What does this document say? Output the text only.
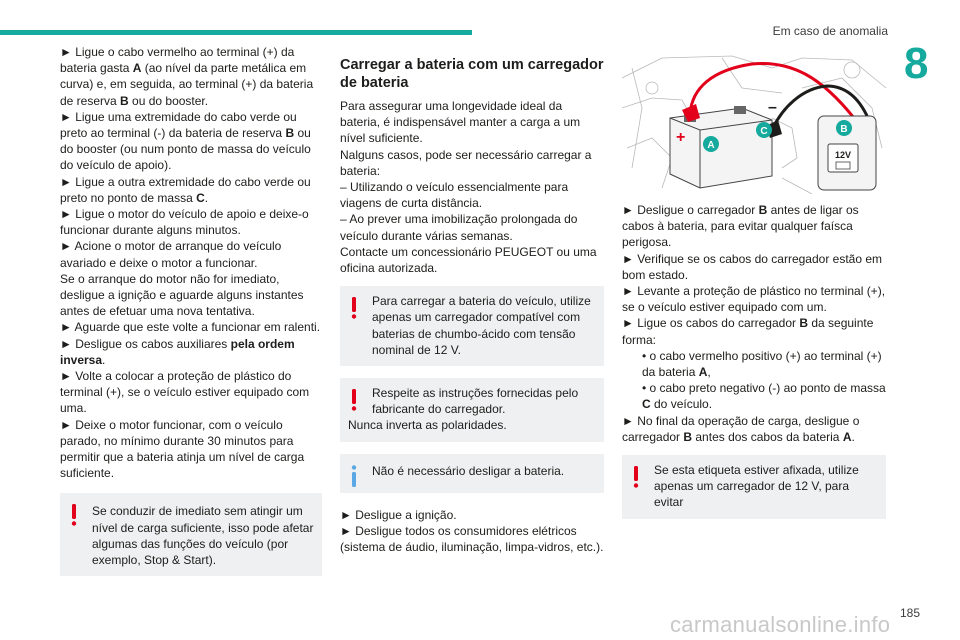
Em caso de anomalia
8

► Ligue o cabo vermelho ao terminal (+) da bateria gasta A (ao nível da parte metálica em curva) e, em seguida, ao terminal (+) da bateria de reserva B ou do booster.

► Ligue uma extremidade do cabo verde ou preto ao terminal (-) da bateria de reserva B ou do booster (ou num ponto de massa do veículo do veículo de apoio).

► Ligue a outra extremidade do cabo verde ou preto no ponto de massa C.

► Ligue o motor do veículo de apoio e deixe-o funcionar durante alguns minutos.

► Acione o motor de arranque do veículo avariado e deixe o motor a funcionar.

Se o arranque do motor não for imediato, desligue a ignição e aguarde alguns instantes antes de efetuar uma nova tentativa.

► Aguarde que este volte a funcionar em ralenti.

► Desligue os cabos auxiliares pela ordem inversa.

► Volte a colocar a proteção de plástico do terminal (+), se o veículo estiver equipado com uma.

► Deixe o motor funcionar, com o veículo parado, no mínimo durante 30 minutos para permitir que a bateria atinja um nível de carga suficiente.

Se conduzir de imediato sem atingir um nível de carga suficiente, isso pode afetar algumas das funções do veículo (por exemplo, Stop & Start).

Carregar a bateria com um carregador de bateria

Para assegurar uma longevidade ideal da bateria, é indispensável manter a carga a um nível suficiente.

Nalguns casos, pode ser necessário carregar a bateria:

– Utilizando o veículo essencialmente para viagens de curta distância.

– Ao prever uma imobilização prolongada do veículo durante várias semanas.

Contacte um concessionário PEUGEOT ou uma oficina autorizada.

Para carregar a bateria do veículo, utilize apenas um carregador compatível com baterias de chumbo-ácido com tensão nominal de 12 V.

Respeite as instruções fornecidas pelo fabricante do carregador.

Nunca inverta as polaridades.

Não é necessário desligar a bateria.

► Desligue a ignição.

► Desligue todos os consumidores elétricos (sistema de áudio, iluminação, limpa-vidros, etc.).

+
–
12V
A
C	B

► Desligue o carregador B antes de ligar os cabos à bateria, para evitar qualquer faísca perigosa.

► Verifique se os cabos do carregador estão em bom estado.

► Levante a proteção de plástico no terminal (+), se o veículo estiver equipado com um.

► Ligue os cabos do carregador B da seguinte forma:

• o cabo vermelho positivo (+) ao terminal (+) da bateria A,

• o cabo preto negativo (-) ao ponto de massa C do veículo.

► No final da operação de carga, desligue o carregador B antes dos cabos da bateria A.

Se esta etiqueta estiver afixada, utilize apenas um carregador de 12 V, para evitar

carmanualsonline.info 185
